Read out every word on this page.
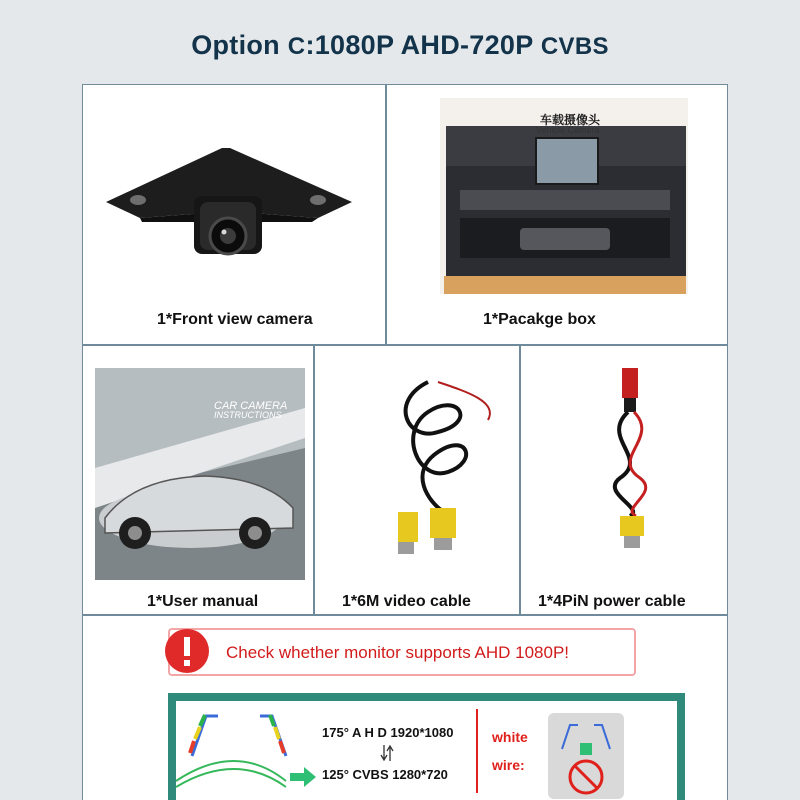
Option C:1080P AHD-720P CVBS
1*Front view camera
车载摄像头
Vehicle Camera
1*Pacakge box
CAR CAMERA
INSTRUCTIONS
1*User manual	1*6M video cable	1*4PiN power cable
Check whether monitor supports AHD 1080P!
175° A H D 1920*1080
125° CVBS 1280*720
white
wire:
